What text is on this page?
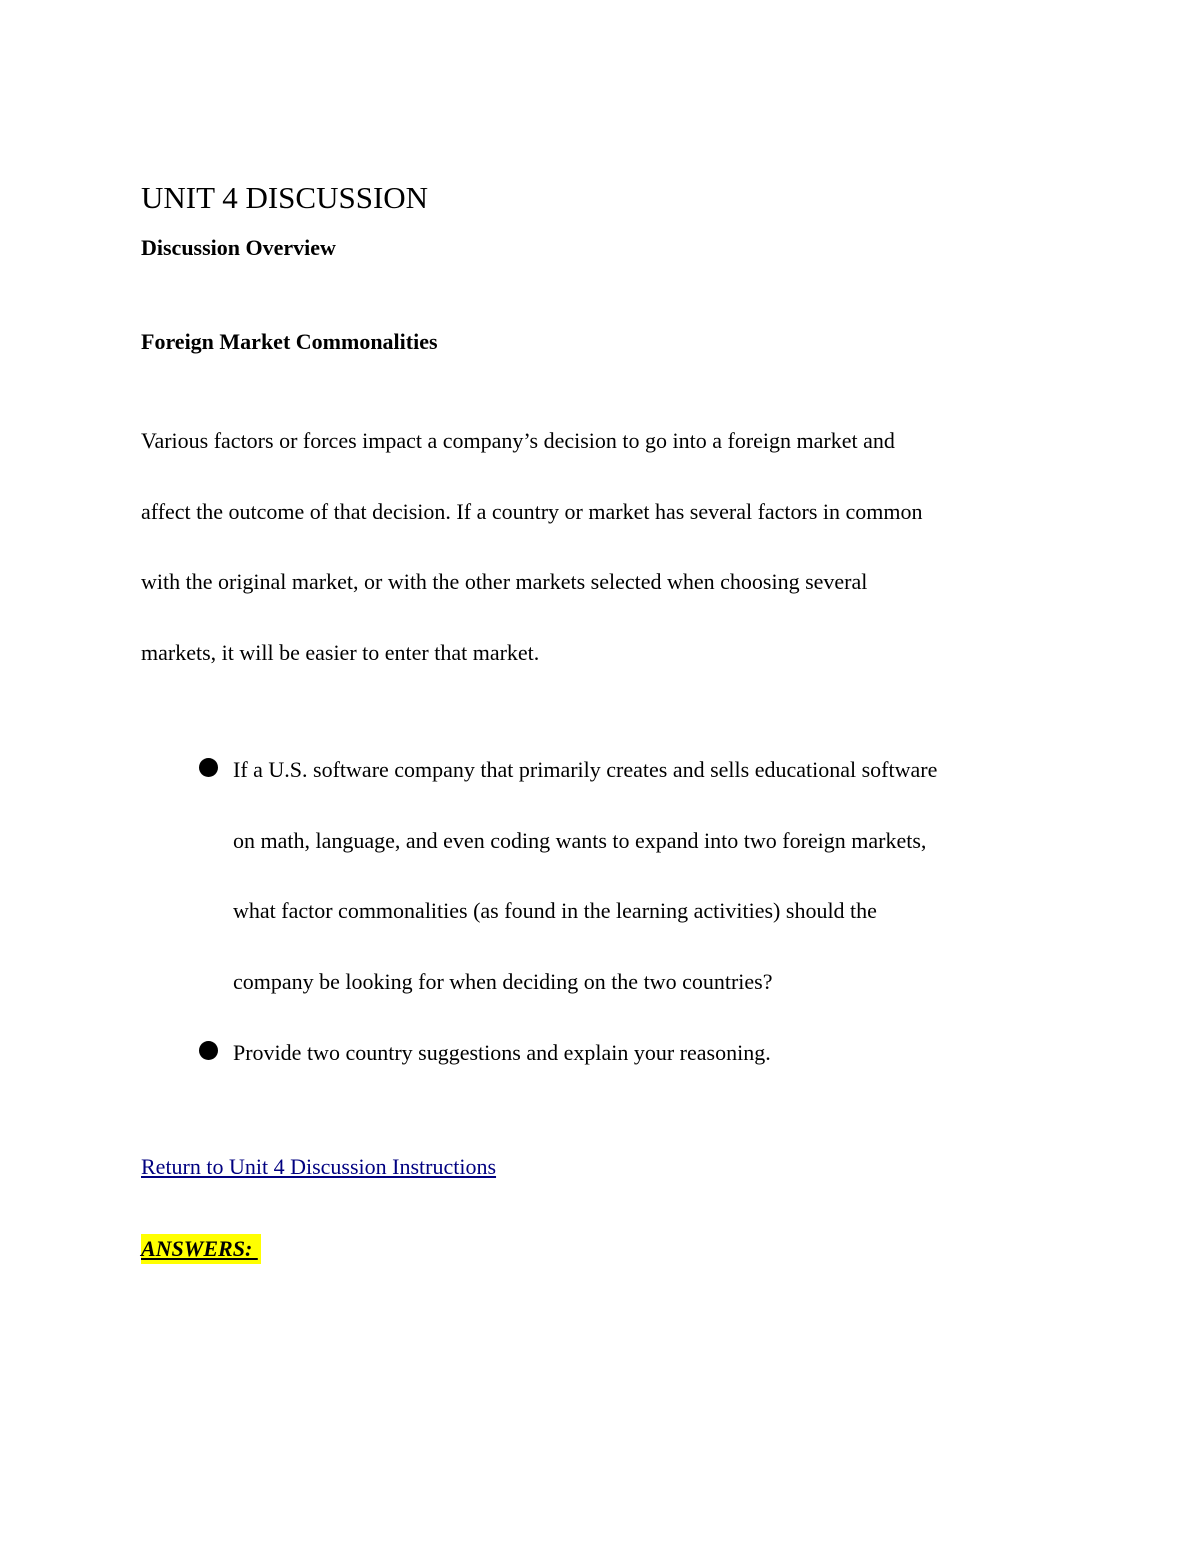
UNIT 4 DISCUSSION
Discussion Overview
Foreign Market Commonalities

Various factors or forces impact a company’s decision to go into a foreign market and
affect the outcome of that decision. If a country or market has several factors in common
with the original market, or with the other markets selected when choosing several
markets, it will be easier to enter that market.

If a U.S. software company that primarily creates and sells educational software
on math, language, and even coding wants to expand into two foreign markets,
what factor commonalities (as found in the learning activities) should the
company be looking for when deciding on the two countries?
Provide two country suggestions and explain your reasoning.
Return to Unit 4 Discussion Instructions
ANSWERS:
